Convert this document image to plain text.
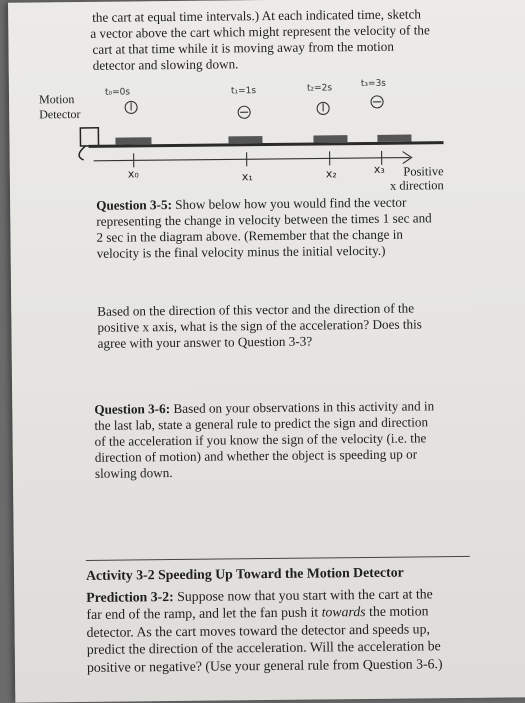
the cart at equal time intervals.) At each indicated time, sketch

a vector above the cart which might represent the velocity of the

cart at that time while it is moving away from the motion

detector and slowing down.

Motion
Detector
t₀=0s	t₁=1s	t₂=2s	t₃=3s
x₀	x₁	x₂	x₃	Positive
x direction

Question 3-5: Show below how you would find the vector

representing the change in velocity between the times 1 sec and

2 sec in the diagram above. (Remember that the change in

velocity is the final velocity minus the initial velocity.)

Based on the direction of this vector and the direction of the

positive x axis, what is the sign of the acceleration? Does this

agree with your answer to Question 3-3?

Question 3-6: Based on your observations in this activity and in

the last lab, state a general rule to predict the sign and direction

of the acceleration if you know the sign of the velocity (i.e. the

direction of motion) and whether the object is speeding up or

slowing down.

Activity 3-2 Speeding Up Toward the Motion Detector

Prediction 3-2: Suppose now that you start with the cart at the

far end of the ramp, and let the fan push it towards the motion

detector. As the cart moves toward the detector and speeds up,

predict the direction of the acceleration. Will the acceleration be

positive or negative? (Use your general rule from Question 3-6.)
